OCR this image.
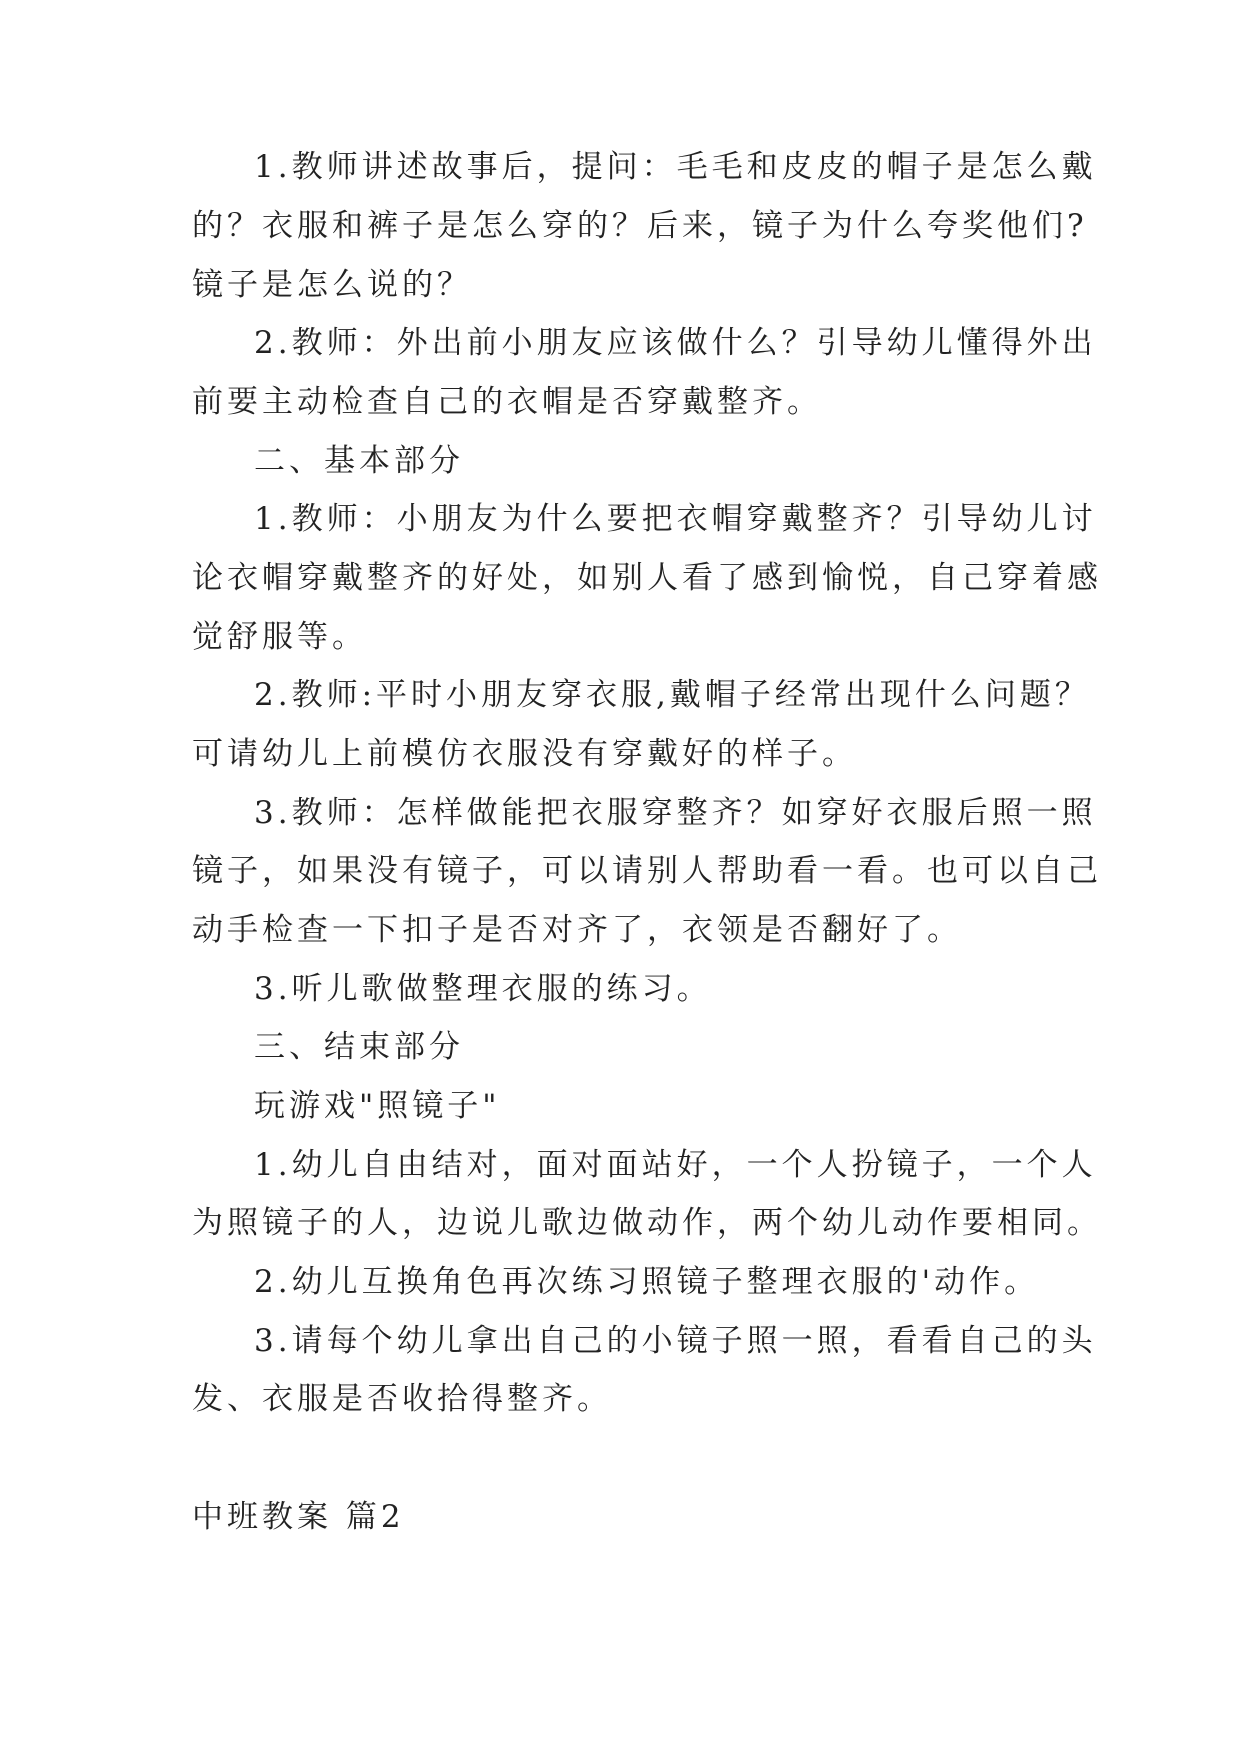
1.教师讲述故事后，提问：毛毛和皮皮的帽子是怎么戴
的？衣服和裤子是怎么穿的？后来，镜子为什么夸奖他们?
镜子是怎么说的？
2.教师：外出前小朋友应该做什么？引导幼儿懂得外出
前要主动检查自己的衣帽是否穿戴整齐。
二、基本部分
1.教师：小朋友为什么要把衣帽穿戴整齐？引导幼儿讨
论衣帽穿戴整齐的好处，如别人看了感到愉悦，自己穿着感
觉舒服等。
2.教师:平时小朋友穿衣服,戴帽子经常出现什么问题？
可请幼儿上前模仿衣服没有穿戴好的样子。
3.教师：怎样做能把衣服穿整齐？如穿好衣服后照一照
镜子，如果没有镜子，可以请别人帮助看一看。也可以自己
动手检查一下扣子是否对齐了，衣领是否翻好了。
3.听儿歌做整理衣服的练习。
三、结束部分
玩游戏"照镜子"
1.幼儿自由结对，面对面站好，一个人扮镜子，一个人
为照镜子的人，边说儿歌边做动作，两个幼儿动作要相同。
2.幼儿互换角色再次练习照镜子整理衣服的'动作。
3.请每个幼儿拿出自己的小镜子照一照，看看自己的头
发、衣服是否收拾得整齐。
中班教案 篇2
